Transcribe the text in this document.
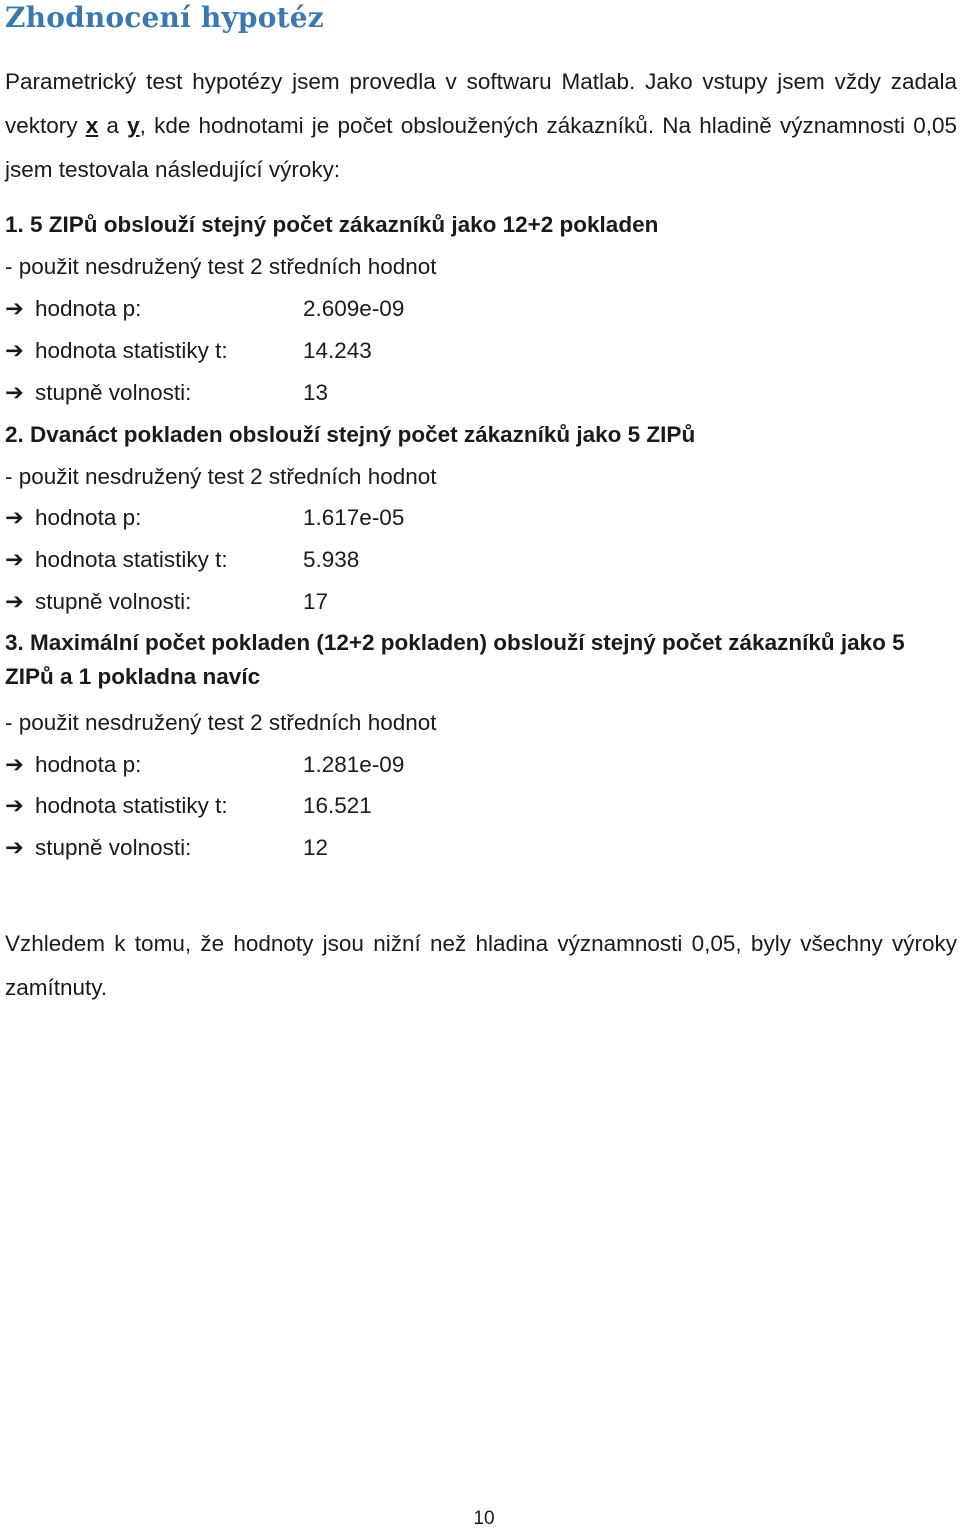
Zhodnocení hypotéz

Parametrický test hypotézy jsem provedla v softwaru Matlab. Jako vstupy jsem vždy zadala vektory x a y, kde hodnotami je počet obsloužených zákazníků. Na hladině významnosti 0,05 jsem testovala následující výroky:

1. 5 ZIPů obslouží stejný počet zákazníků jako 12+2 pokladen

- použit nesdružený test 2 středních hodnot

➔ hodnota p:	2.609e-09

➔ hodnota statistiky t:	14.243

➔ stupně volnosti:	13

2. Dvanáct pokladen obslouží stejný počet zákazníků jako 5 ZIPů

- použit nesdružený test 2 středních hodnot

➔ hodnota p:	1.617e-05

➔ hodnota statistiky t:	5.938

➔ stupně volnosti:	17

3. Maximální počet pokladen (12+2 pokladen) obslouží stejný počet zákazníků jako 5 ZIPů a 1 pokladna navíc

- použit nesdružený test 2 středních hodnot

➔ hodnota p:	1.281e-09

➔ hodnota statistiky t:	16.521

➔ stupně volnosti:	12

Vzhledem k tomu, že hodnoty jsou nižní než hladina významnosti 0,05, byly všechny výroky zamítnuty.

10
